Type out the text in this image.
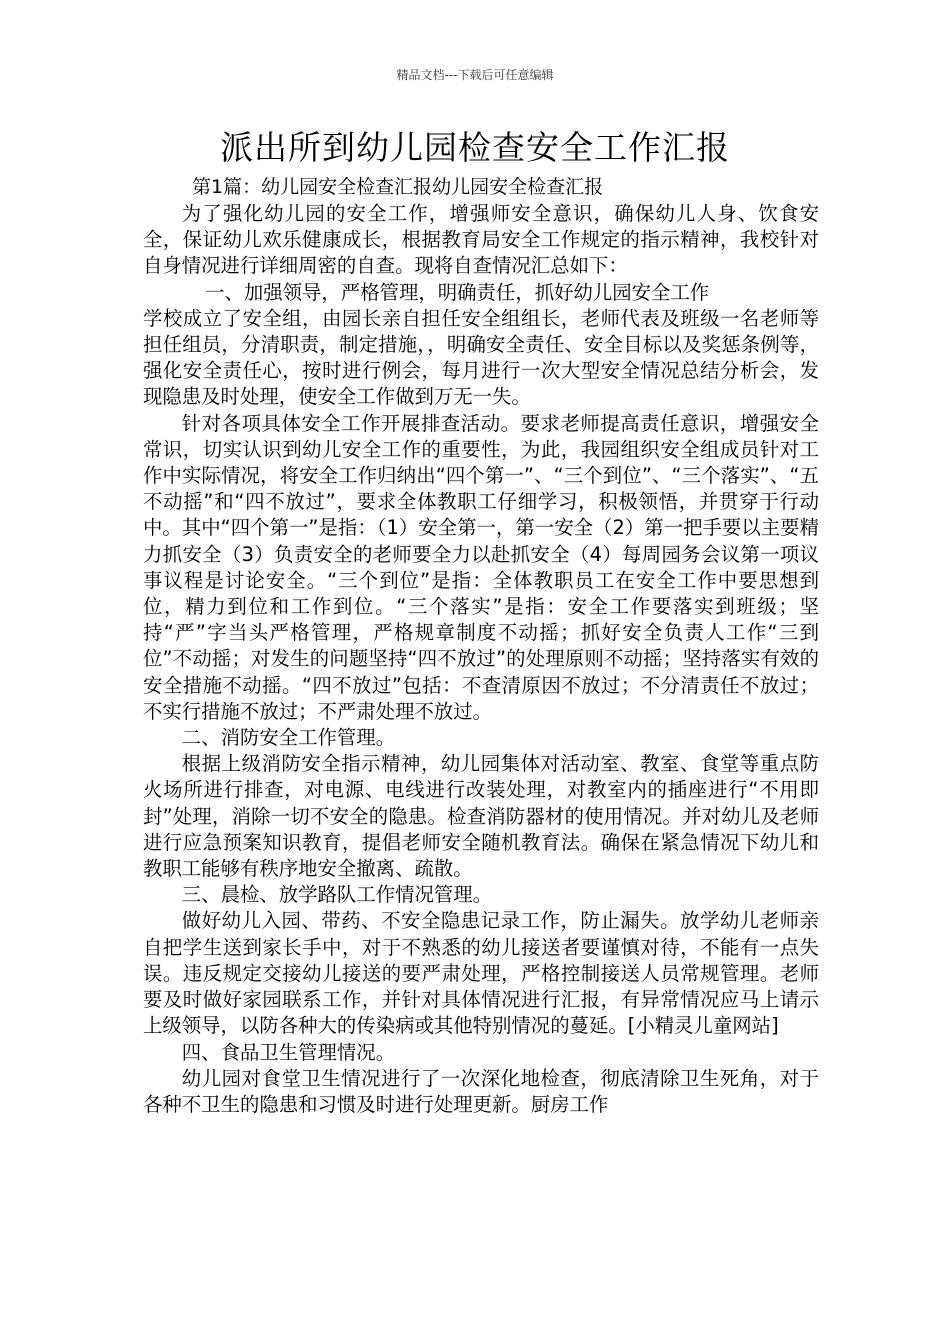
精品文档---下载后可任意编辑
派出所到幼儿园检查安全工作汇报
第1篇：幼儿园安全检查汇报幼儿园安全检查汇报

为了强化幼儿园的安全工作，增强师安全意识，确保幼儿人身、饮食安全，保证幼儿欢乐健康成长，根据教育局安全工作规定的指示精神，我校针对自身情况进行详细周密的自查。现将自查情况汇总如下：

一、加强领导，严格管理，明确责任，抓好幼儿园安全工作

学校成立了安全组，由园长亲自担任安全组组长，老师代表及班级一名老师等担任组员，分清职责，制定措施，，明确安全责任、安全目标以及奖惩条例等，强化安全责任心，按时进行例会，每月进行一次大型安全情况总结分析会，发现隐患及时处理，使安全工作做到万无一失。

针对各项具体安全工作开展排查活动。要求老师提高责任意识，增强安全常识，切实认识到幼儿安全工作的重要性，为此，我园组织安全组成员针对工作中实际情况，将安全工作归纳出“四个第一”、“三个到位”、“三个落实”、“五不动摇”和“四不放过”，要求全体教职工仔细学习，积极领悟，并贯穿于行动中。其中“四个第一”是指：（1）安全第一，第一安全（2）第一把手要以主要精力抓安全（3）负责安全的老师要全力以赴抓安全（4）每周园务会议第一项议事议程是讨论安全。“三个到位”是指：全体教职员工在安全工作中要思想到位，精力到位和工作到位。“三个落实”是指：安全工作要落实到班级；坚持“严”字当头严格管理，严格规章制度不动摇；抓好安全负责人工作“三到位”不动摇；对发生的问题坚持“四不放过”的处理原则不动摇；坚持落实有效的安全措施不动摇。“四不放过”包括：不查清原因不放过；不分清责任不放过；不实行措施不放过；不严肃处理不放过。

二、消防安全工作管理。

根据上级消防安全指示精神，幼儿园集体对活动室、教室、食堂等重点防火场所进行排查，对电源、电线进行改装处理，对教室内的插座进行“不用即封”处理，消除一切不安全的隐患。检查消防器材的使用情况。并对幼儿及老师进行应急预案知识教育，提倡老师安全随机教育法。确保在紧急情况下幼儿和教职工能够有秩序地安全撤离、疏散。

三、晨检、放学路队工作情况管理。

做好幼儿入园、带药、不安全隐患记录工作，防止漏失。放学幼儿老师亲自把学生送到家长手中，对于不熟悉的幼儿接送者要谨慎对待，不能有一点失误。违反规定交接幼儿接送的要严肃处理，严格控制接送人员常规管理。老师要及时做好家园联系工作，并针对具体情况进行汇报，有异常情况应马上请示上级领导，以防各种大的传染病或其他特别情况的蔓延。[小精灵儿童网站]

四、食品卫生管理情况。

幼儿园对食堂卫生情况进行了一次深化地检查，彻底清除卫生死角，对于各种不卫生的隐患和习惯及时进行处理更新。厨房工作
